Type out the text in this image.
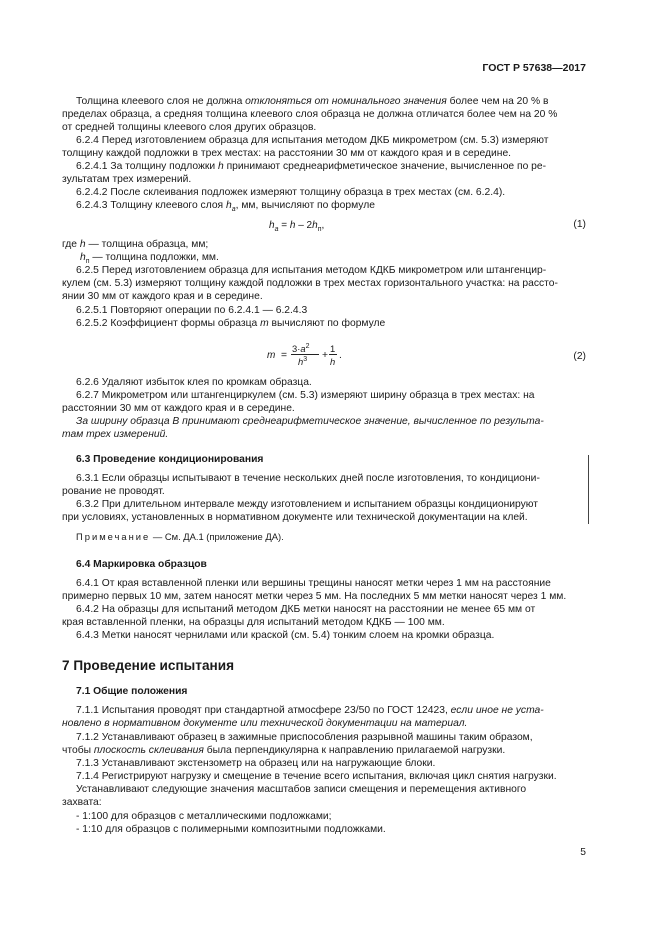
ГОСТ Р 57638—2017
Толщина клеевого слоя не должна отклоняться от номинального значения более чем на 20 % в
пределах образца, а средняя толщина клеевого слоя образца не должна отличатся более чем на 20 %
от средней толщины клеевого слоя других образцов.
6.2.4 Перед изготовлением образца для испытания методом ДКБ микрометром (см. 5.3) измеряют
толщину каждой подложки в трех местах: на расстоянии 30 мм от каждого края и в середине.
6.2.4.1 За толщину подложки h принимают среднеарифметическое значение, вычисленное по ре-
зультатам трех измерений.
6.2.4.2 После склеивания подложек измеряют толщину образца в трех местах (см. 6.2.4).
6.2.4.3 Толщину клеевого слоя $h_a$, мм, вычисляют по формуле
$h_a = h - 2h_п$,	(1)
где h — толщина образца, мм;
$h_п$ — толщина подложки, мм.
6.2.5 Перед изготовлением образца для испытания методом КДКБ микрометром или штангенцир-
кулем (см. 5.3) измеряют толщину каждой подложки в трех местах горизонтального участка: на рассто-
янии 30 мм от каждого края и в середине.
6.2.5.1 Повторяют операции по 6.2.4.1 — 6.2.4.3
6.2.5.2 Коэффициент формы образца m вычисляют по формуле
m =
$3\cdot a^2$
$h^3$ +
1
h
.	(2)
6.2.6 Удаляют избыток клея по кромкам образца.
6.2.7 Микрометром или штангенциркулем (см. 5.3) измеряют ширину образца в трех местах: на
расстоянии 30 мм от каждого края и в середине.
За ширину образца B принимают среднеарифметическое значение, вычисленное по результа-
там трех измерений.
6.3 Проведение кондиционирования
6.3.1 Если образцы испытывают в течение нескольких дней после изготовления, то кондициони-
рование не проводят.
6.3.2 При длительном интервале между изготовлением и испытанием образцы кондиционируют
при условиях, установленных в нормативном документе или технической документации на клей.
Примечание — См. ДА.1 (приложение ДА).
6.4 Маркировка образцов
6.4.1 От края вставленной пленки или вершины трещины наносят метки через 1 мм на расстояние
примерно первых 10 мм, затем наносят метки через 5 мм. На последних 5 мм метки наносят через 1 мм.
6.4.2 На образцы для испытаний методом ДКБ метки наносят на расстоянии не менее 65 мм от
края вставленной пленки, на образцы для испытаний методом КДКБ — 100 мм.
6.4.3 Метки наносят чернилами или краской (см. 5.4) тонким слоем на кромки образца.
7 Проведение испытания
7.1 Общие положения
7.1.1 Испытания проводят при стандартной атмосфере 23/50 по ГОСТ 12423, если иное не уста-
новлено в нормативном документе или технической документации на материал.
7.1.2 Устанавливают образец в зажимные приспособления разрывной машины таким образом,
чтобы плоскость склеивания была перпендикулярна к направлению прилагаемой нагрузки.
7.1.3 Устанавливают экстензометр на образец или на нагружающие блоки.
7.1.4 Регистрируют нагрузку и смещение в течение всего испытания, включая цикл снятия нагрузки.
Устанавливают следующие значения масштабов записи смещения и перемещения активного
захвата:
- 1:100 для образцов с металлическими подложками;
- 1:10 для образцов с полимерными композитными подложками.
5
